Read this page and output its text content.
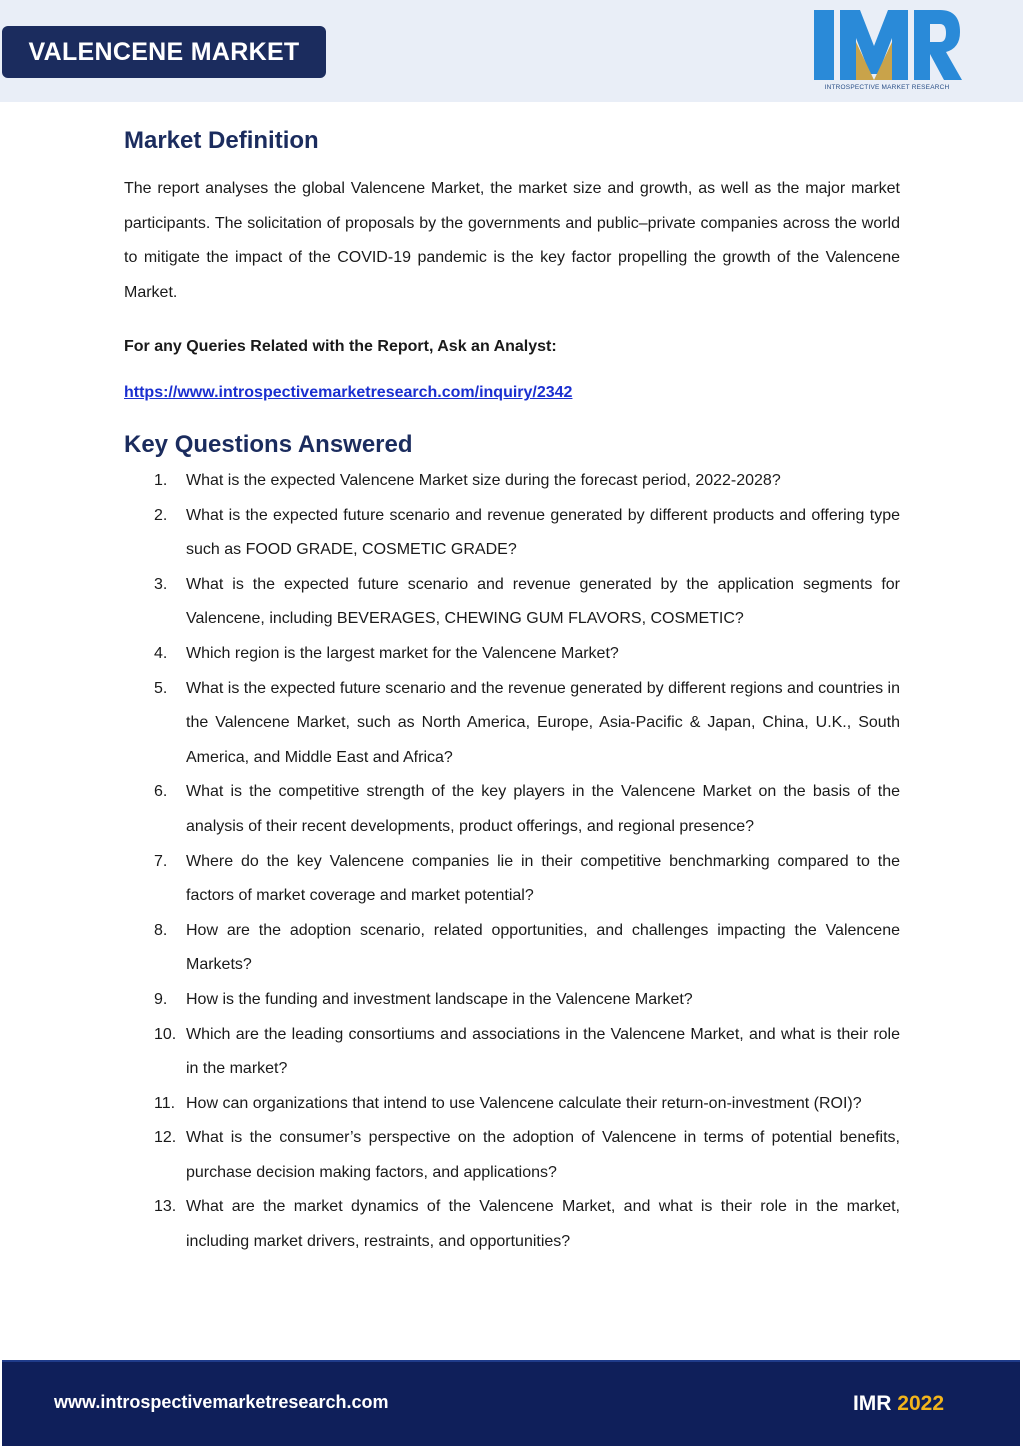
VALENCENE MARKET
INTROSPECTIVE MARKET RESEARCH
Market Definition

The report analyses the global Valencene Market, the market size and growth, as well as the major market participants. The solicitation of proposals by the governments and public–private companies across the world to mitigate the impact of the COVID-19 pandemic is the key factor propelling the growth of the Valencene Market.

For any Queries Related with the Report, Ask an Analyst:

https://www.introspectivemarketresearch.com/inquiry/2342
Key Questions Answered
1.	What is the expected Valencene Market size during the forecast period, 2022-2028?
2.	What is the expected future scenario and revenue generated by different products and offering type such as FOOD GRADE, COSMETIC GRADE?
3.	What is the expected future scenario and revenue generated by the application segments for Valencene, including BEVERAGES, CHEWING GUM FLAVORS, COSMETIC?
4.	Which region is the largest market for the Valencene Market?
5.	What is the expected future scenario and the revenue generated by different regions and countries in the Valencene Market, such as North America, Europe, Asia-Pacific & Japan, China, U.K., South America, and Middle East and Africa?
6.	What is the competitive strength of the key players in the Valencene Market on the basis of the analysis of their recent developments, product offerings, and regional presence?
7.	Where do the key Valencene companies lie in their competitive benchmarking compared to the factors of market coverage and market potential?
8.	How are the adoption scenario, related opportunities, and challenges impacting the Valencene Markets?
9.	How is the funding and investment landscape in the Valencene Market?
10. Which are the leading consortiums and associations in the Valencene Market, and what is their role in the market?
11. How can organizations that intend to use Valencene calculate their return-on-investment (ROI)?
12. What is the consumer’s perspective on the adoption of Valencene in terms of potential benefits, purchase decision making factors, and applications?
13. What are the market dynamics of the Valencene Market, and what is their role in the market, including market drivers, restraints, and opportunities?
www.introspectivemarketresearch.com	IMR 2022
